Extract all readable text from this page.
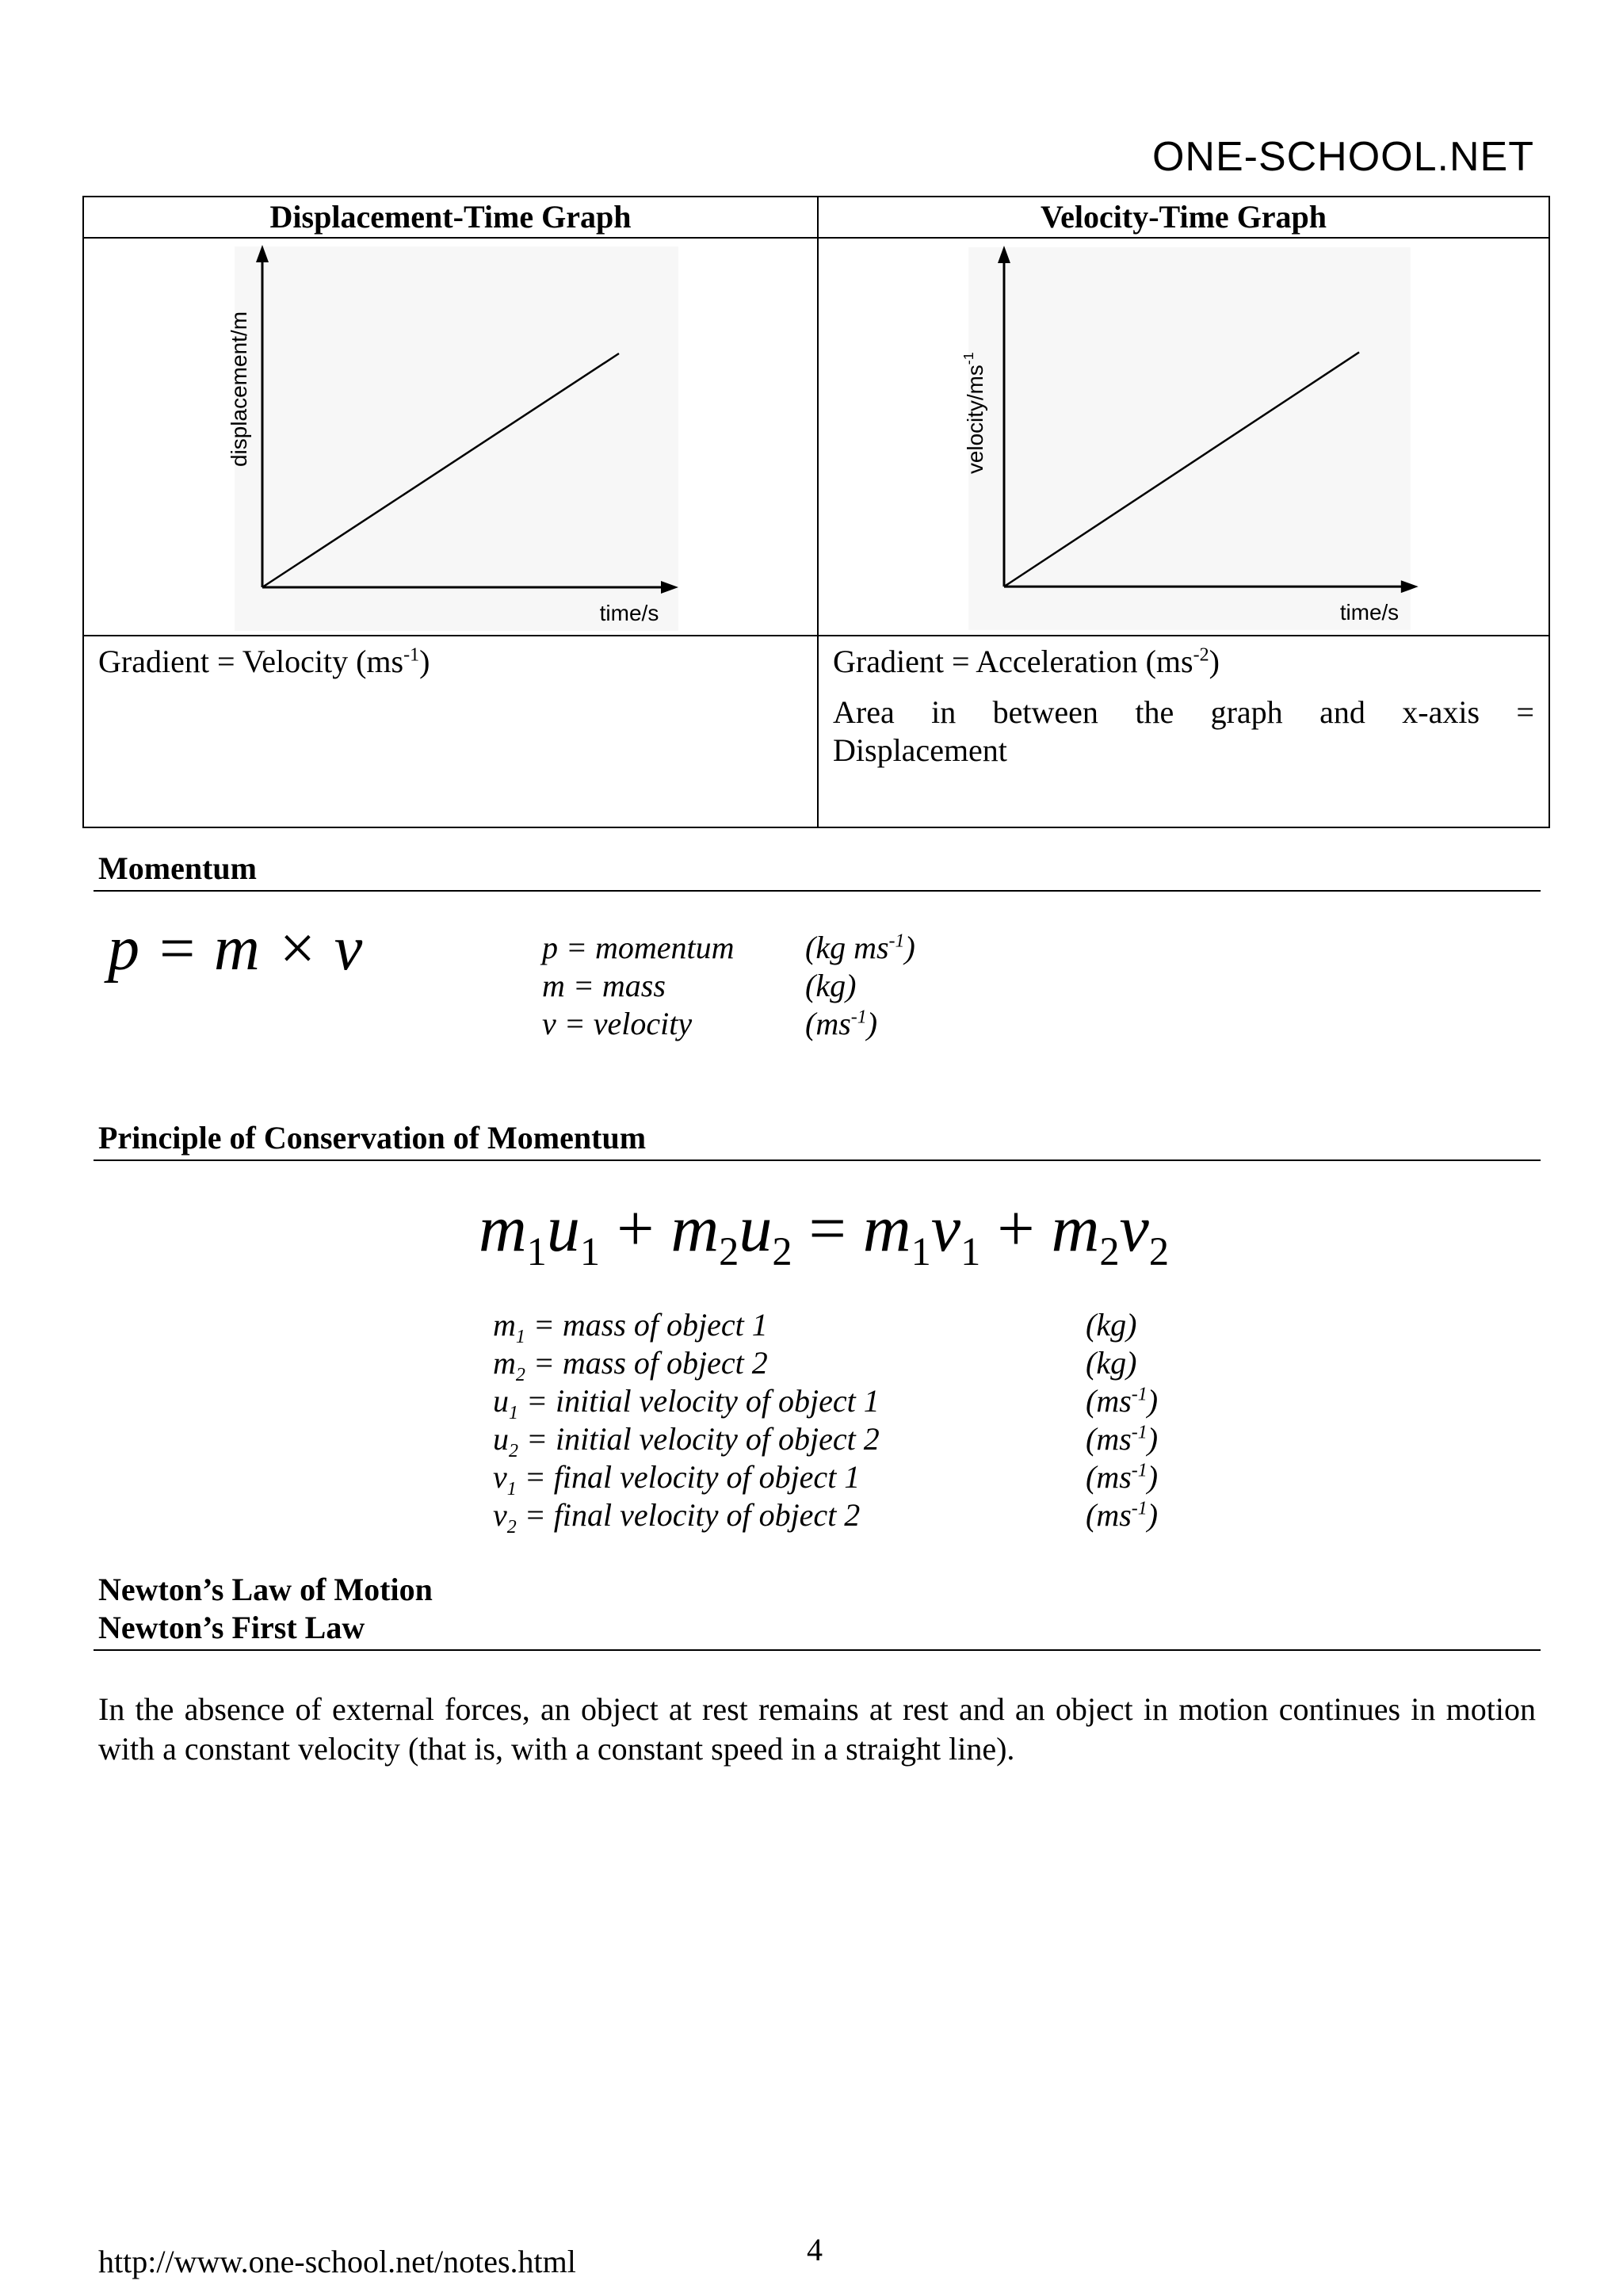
ONE-SCHOOL.NET
Displacement-Time Graph	Velocity-Time Graph

displacement/m
time/s	velocity/$ms^{-1}$
time/s

Gradient = Velocity $(ms^{-1})$	Gradient = Acceleration $(ms^{-2})$
Area in between the graph and x-axis =
Displacement
Momentum
p = m × v	p = momentum (kg $ms^{-1}$)
m = mass	(kg)
v = velocity	$(ms^{-1})$
Principle of Conservation of Momentum
$m_1u_1 + m_2u_2 = m_1v_1 + m_2v_2$
$m_1$ = mass of object 1	(kg)
$m_2$ = mass of object 2	(kg)
$u_1$ = initial velocity of object 1	$(ms^{-1})$
$u_2$ = initial velocity of object 2	$(ms^{-1})$
$v_1$ = final velocity of object 1	$(ms^{-1})$
$v_2$ = final velocity of object 2	$(ms^{-1})$
Newton’s Law of Motion
Newton’s First Law
In the absence of external forces, an object at rest remains at rest and an object in motion continues in motion with a constant velocity (that is, with a constant speed in a straight line).
4
http://www.one-school.net/notes.html
